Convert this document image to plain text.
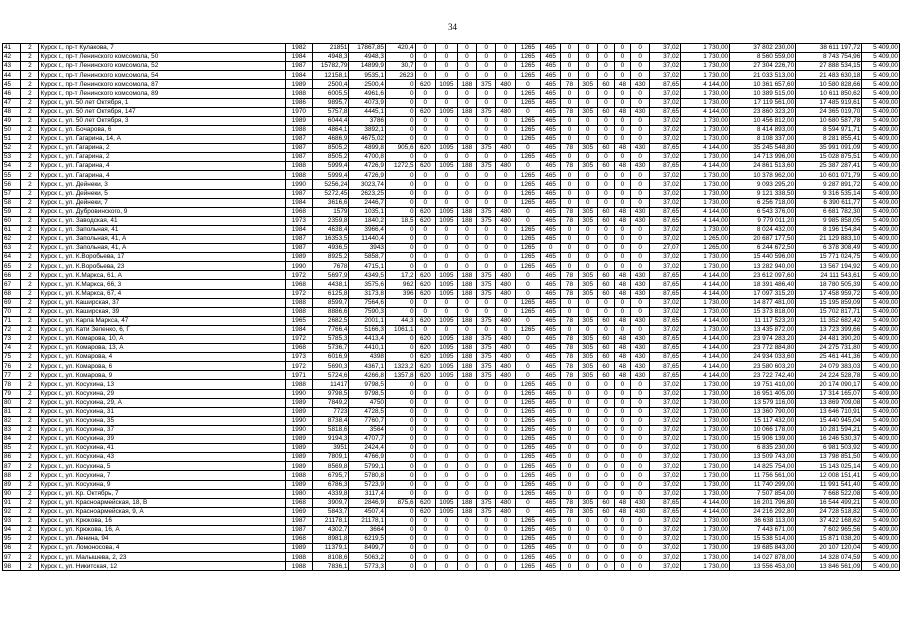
34
41	2	Курск г., пр-т Кулакова, 7	1982	21851	17867,85	420,4	0	0	0	0	0	1265	465	0	0	0	0	0	37,02	1 730,00	37 802 230,00	38 611 197,72	5 409,00
42	2	Курск г., пр-т Ленинского комсомола, 50	1984	4948,3	4948,3	0	0	0	0	0	0	1265	465	0	0	0	0	0	37,02	1 730,00	8 560 559,00	8 743 754,96	5 409,00
43	2	Курск г., пр-т Ленинского комсомола, 52	1987	15782,79	14899,9	30,7	0	0	0	0	0	1265	465	0	0	0	0	0	37,02	1 730,00	27 304 226,70	27 888 534,15	5 409,00
44	2	Курск г., пр-т Ленинского комсомола, 54	1984	12158,1	9535,1	2623	0	0	0	0	0	1265	465	0	0	0	0	0	37,02	1 730,00	21 033 513,00	21 483 630,18	5 409,00
45	2	Курск г., пр-т Ленинского комсомола, 87	1989	2500,4	2500,4	0	620	1095	188	375	480	0	465	78	305	60	48	430	87,65	4 144,00	10 361 657,60	10 580 828,66	5 409,00
46	2	Курск г., пр-т Ленинского комсомола, 89	1988	6005,5	4961,6	0	0	0	0	0	0	1265	465	0	0	0	0	0	37,02	1 730,00	10 389 515,00	10 611 850,62	5 409,00
47	2	Курск г., ул. 50 лет Октября, 1	1986	9895,7	4073,9	0	0	0	0	0	0	1265	465	0	0	0	0	0	37,02	1 730,00	17 119 561,00	17 485 919,61	5 409,00
48	2	Курск г., ул. 50 лет Октября, 147	1970	5757,8	4445,1	0	620	1095	188	375	480	0	465	78	305	60	48	430	87,65	4 144,00	23 860 323,20	24 365 019,70	5 409,00
49	2	Курск г., ул. 50 лет Октября, 3	1989	6044,4	3786	0	0	0	0	0	0	1265	465	0	0	0	0	0	37,02	1 730,00	10 456 812,00	10 680 587,78	5 409,00
50	2	Курск г., ул. Бочарова, 6	1988	4864,1	3892,1	0	0	0	0	0	0	1265	465	0	0	0	0	0	37,02	1 730,00	8 414 893,00	8 594 971,71	5 409,00
51	2	Курск г., ул. Гагарина, 14, А	1987	4686,9	4675,02	0	0	0	0	0	0	1265	465	0	0	0	0	0	37,02	1 730,00	8 108 337,00	8 281 855,41	5 409,00
52	2	Курск г., ул. Гагарина, 2	1987	8505,2	4899,8	905,6	620	1095	188	375	480	0	465	78	305	60	48	430	87,65	4 144,00	35 245 548,80	35 991 091,09	5 409,00
53	2	Курск г., ул. Гагарина, 2	1987	8505,2	4700,8	0	0	0	0	0	0	1265	465	0	0	0	0	0	37,02	1 730,00	14 713 996,00	15 028 875,51	5 409,00
54	2	Курск г., ул. Гагарина, 4	1988	5999,4	4726,9	1272,5	620	1095	188	375	480	0	465	78	305	60	48	430	87,65	4 144,00	24 861 513,60	25 387 287,41	5 409,00
55	2	Курск г., ул. Гагарина, 4	1988	5999,4	4726,9	0	0	0	0	0	0	1265	465	0	0	0	0	0	37,02	1 730,00	10 378 962,00	10 601 071,79	5 409,00
56	2	Курск г., ул. Дейнеки, 3	1990	5256,24	3023,74	0	0	0	0	0	0	1265	465	0	0	0	0	0	37,02	1 730,00	9 093 295,20	9 287 891,72	5 409,00
57	2	Курск г., ул. Дейнеки, 5	1987	5272,45	2623,25	0	0	0	0	0	0	1265	465	0	0	0	0	0	37,02	1 730,00	9 121 338,50	9 316 535,14	5 409,00
58	2	Курск г., ул. Дейнеки, 7	1984	3616,6	2446,7	0	0	0	0	0	0	1265	465	0	0	0	0	0	37,02	1 730,00	6 256 718,00	6 390 611,77	5 409,00
59	2	Курск г., ул. Дубровинского, 9	1968	1579	1035,1	0	620	1095	188	375	480	0	465	78	305	60	48	430	87,65	4 144,00	6 543 376,00	6 681 782,30	5 409,00
60	2	Курск г., ул. Заводская, 41	1973	2359,8	1840,2	18,5	620	1095	188	375	480	0	465	78	305	60	48	430	87,65	4 144,00	9 779 011,20	9 985 858,05	5 409,00
61	2	Курск г., ул. Запольная, 41	1984	4638,4	3966,4	0	0	0	0	0	0	1265	465	0	0	0	0	0	37,02	1 730,00	8 024 432,00	8 196 154,84	5 409,00
62	2	Курск г., ул. Запольная, 41, А	1987	16353,5	11440,4	0	0	0	0	0	0	1265	465	0	0	0	0	0	37,02	1 265,00	20 687 177,50	21 129 883,10	5 409,00
63	2	Курск г., ул. Запольная, 41, А	1987	4936,5	3943	0	0	0	0	0	0	1265	0	0	0	0	0	0	27,07	1 265,00	6 244 672,50	6 378 308,49	5 409,00
64	2	Курск г., ул. К.Воробьева, 17	1989	8925,2	5858,7	0	0	0	0	0	0	1265	465	0	0	0	0	0	37,02	1 730,00	15 440 596,00	15 771 024,75	5 409,00
65	2	Курск г., ул. К.Воробьева, 23	1990	7678	4715,1	0	0	0	0	0	0	1265	465	0	0	0	0	0	37,02	1 730,00	13 282 940,00	13 567 194,92	5 409,00
66	2	Курск г., ул. К.Маркса, 61, А	1972	5697,9	4349,5	17,2	620	1095	188	375	480	0	465	78	305	60	48	430	87,65	4 144,00	23 612 097,60	24 111 543,61	5 409,00
67	2	Курск г., ул. К.Маркса, 66, 3	1968	4438,1	3575,6	962	620	1095	188	375	480	0	465	78	305	60	48	430	87,65	4 144,00	18 391 486,40	18 780 505,39	5 409,00
68	2	Курск г., ул. К.Маркса, 67, 4	1972	6125,8	3173,8	396	620	1095	188	375	480	0	465	78	305	60	48	430	87,65	4 144,00	17 097 315,20	17 458 959,72	5 409,00
69	2	Курск г., ул. Каширская, 37	1988	8599,7	7564,6	0	0	0	0	0	0	1265	465	0	0	0	0	0	37,02	1 730,00	14 877 481,00	15 195 859,09	5 409,00
70	2	Курск г., ул. Каширская, 39	1988	8886,6	7590,3	0	0	0	0	0	0	1265	465	0	0	0	0	0	37,02	1 730,00	15 373 818,00	15 702 817,71	5 409,00
71	2	Курск г., ул. Карла Маркса, 47	1965	2682,5	2001,1	44,3	620	1095	188	375	480	0	465	78	305	60	48	430	87,65	4 144,00	11 117 523,20	11 352 682,42	5 409,00
72	2	Курск г., ул. Кати Зеленко, 6, Г	1984	7766,4	5166,3	1061,1	0	0	0	0	0	1265	465	0	0	0	0	0	37,02	1 730,00	13 435 872,00	13 723 399,66	5 409,00
73	2	Курск г., ул. Комарова, 10, А	1972	5785,3	4413,4	0	620	1095	188	375	480	0	465	78	305	60	48	430	87,65	4 144,00	23 974 283,20	24 481 390,20	5 409,00
74	2	Курск г., ул. Комарова, 13, А	1968	5736,7	4410,1	0	620	1095	188	375	480	0	465	78	305	60	48	430	87,65	4 144,00	23 772 884,80	24 275 731,80	5 409,00
75	2	Курск г., ул. Комарова, 4	1973	6016,9	4398	0	620	1095	188	375	480	0	465	78	305	60	48	430	87,65	4 144,00	24 934 033,60	25 461 441,36	5 409,00
76	2	Курск г., ул. Комарова, 6	1972	5690,3	4367,1	1323,2	620	1095	188	375	480	0	465	78	305	60	48	430	87,65	4 144,00	23 580 603,20	24 079 383,03	5 409,00
77	2	Курск г., ул. Комарова, 9	1971	5724,6	4266,8	1357,8	620	1095	188	375	480	0	465	78	305	60	48	430	87,65	4 144,00	23 722 742,40	24 224 528,78	5 409,00
78	2	Курск г., ул. Косухина, 13	1988	11417	9798,5	0	0	0	0	0	0	1265	465	0	0	0	0	0	37,02	1 730,00	19 751 410,00	20 174 090,17	5 409,00
79	2	Курск г., ул. Косухина, 29	1990	9798,5	9798,5	0	0	0	0	0	0	1265	465	0	0	0	0	0	37,02	1 730,00	16 951 405,00	17 314 165,07	5 409,00
80	2	Курск г., ул. Косухина, 29, А	1989	7849,2	4750	0	0	0	0	0	0	1265	465	0	0	0	0	0	37,02	1 730,00	13 579 116,00	13 869 709,08	5 409,00
81	2	Курск г., ул. Косухина, 31	1989	7723	4728,5	0	0	0	0	0	0	1265	465	0	0	0	0	0	37,02	1 730,00	13 360 790,00	13 646 710,91	5 409,00
82	2	Курск г., ул. Косухина, 35	1990	8738,4	7760,7	0	0	0	0	0	0	1265	465	0	0	0	0	0	37,02	1 730,00	15 117 432,00	15 440 945,04	5 409,00
83	2	Курск г., ул. Косухина, 37	1990	5818,6	3564	0	0	0	0	0	0	1265	465	0	0	0	0	0	37,02	1 730,00	10 066 178,00	10 281 594,21	5 409,00
84	2	Курск г., ул. Косухина, 39	1989	9194,3	4707,7	0	0	0	0	0	0	1265	465	0	0	0	0	0	37,02	1 730,00	15 906 139,00	16 246 530,37	5 409,00
85	2	Курск г., ул. Косухина, 41	1989	3951	2424,4	0	0	0	0	0	0	1265	465	0	0	0	0	0	37,02	1 730,00	6 835 230,00	6 981 503,92	5 409,00
86	2	Курск г., ул. Косухина, 43	1989	7809,1	4766,9	0	0	0	0	0	0	1265	465	0	0	0	0	0	37,02	1 730,00	13 509 743,00	13 798 851,50	5 409,00
87	2	Курск г., ул. Косухина, 5	1989	8569,8	5799,1	0	0	0	0	0	0	1265	465	0	0	0	0	0	37,02	1 730,00	14 825 754,00	15 143 025,14	5 409,00
88	2	Курск г., ул. Косухина, 7	1988	6795,7	5780,8	0	0	0	0	0	0	1265	465	0	0	0	0	0	37,02	1 730,00	11 756 561,00	12 008 151,41	5 409,00
89	2	Курск г., ул. Косухина, 9	1989	6786,3	5723,9	0	0	0	0	0	0	1265	465	0	0	0	0	0	37,02	1 730,00	11 740 299,00	11 991 541,40	5 409,00
90	2	Курск г., ул. Кр. Октябрь, 7	1980	4339,8	3117,4	0	0	0	0	0	0	1265	465	0	0	0	0	0	37,02	1 730,00	7 507 854,00	7 668 522,08	5 409,00
91	2	Курск г., ул. Красноармейская, 18, В	1968	3909,7	2846,9	875,6	620	1095	188	375	480	0	465	78	305	60	48	430	87,65	4 144,00	16 201 796,80	16 544 499,21	5 409,00
92	2	Курск г., ул. Красноармейская, 9, А	1969	5843,7	4507,4	0	620	1095	188	375	480	0	465	78	305	60	48	430	87,65	4 144,00	24 216 292,80	24 728 518,82	5 409,00
93	2	Курск г., ул. Крюкова, 16	1987	21178,1	21178,1	0	0	0	0	0	0	1265	465	0	0	0	0	0	37,02	1 730,00	36 638 113,00	37 422 168,62	5 409,00
94	2	Курск г., ул. Крюкова, 16, А	1987	4302,7	3664	0	0	0	0	0	0	1265	465	0	0	0	0	0	37,02	1 730,00	7 443 671,00	7 602 965,56	5 409,00
95	2	Курск г., ул. Ленина, 94	1968	8981,8	6219,5	0	0	0	0	0	0	1265	465	0	0	0	0	0	37,02	1 730,00	15 538 514,00	15 871 038,20	5 409,00
96	2	Курск г., ул. Ломоносова, 4	1989	11379,1	8499,7	0	0	0	0	0	0	1265	465	0	0	0	0	0	37,02	1 730,00	19 685 843,00	20 107 120,04	5 409,00
97	2	Курск г., ул. Малышева, 2, 23	1988	8108,6	5063,2	0	0	0	0	0	0	1265	465	0	0	0	0	0	37,02	1 730,00	14 027 878,00	14 328 074,59	5 409,00
98	2	Курск г., ул. Никитская, 12	1988	7836,1	5773,3	0	0	0	0	0	0	1265	465	0	0	0	0	0	37,02	1 730,00	13 556 453,00	13 846 561,09	5 409,00
